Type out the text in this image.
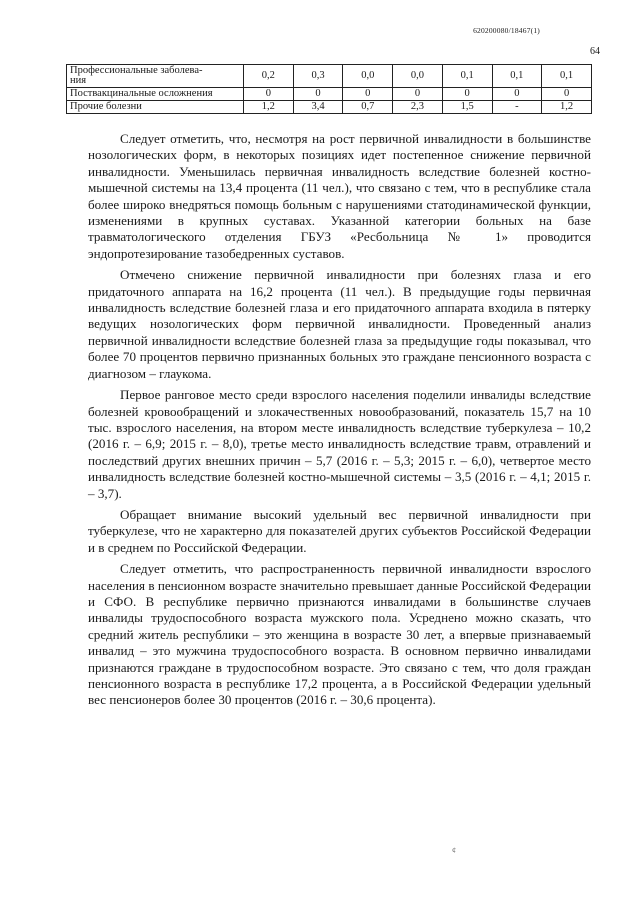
620200080/18467(1)
64
Профессиональные заболева-
ния	0,2	0,3	0,0	0,0	0,1	0,1	0,1
Поствакцинальные осложнения	0	0	0	0	0	0	0
Прочие болезни	1,2	3,4	0,7	2,3	1,5	-	1,2

Следует отметить, что, несмотря на рост первичной инвалидности в большинстве нозологических форм, в некоторых позициях идет постепенное снижение первичной инвалидности. Уменьшилась первичная инвалидность вследствие болезней костно-мышечной системы на 13,4 процента (11 чел.), что связано с тем, что в республике стала более широко внедряться помощь больным с нарушениями статодинамической функции, изменениями в крупных суставах. Указанной категории больных на базе травматологического отделения ГБУЗ «Ресбольница № 1» проводится эндопротезирование тазобедренных суставов.

Отмечено снижение первичной инвалидности при болезнях глаза и его придаточного аппарата на 16,2 процента (11 чел.). В предыдущие годы первичная инвалидность вследствие болезней глаза и его придаточного аппарата входила в пятерку ведущих нозологических форм первичной инвалидности. Проведенный анализ первичной инвалидности вследствие болезней глаза за предыдущие годы показывал, что более 70 процентов первично признанных больных это граждане пенсионного возраста с диагнозом – глаукома.

Первое ранговое место среди взрослого населения поделили инвалиды вследствие болезней кровообращений и злокачественных новообразований, показатель 15,7 на 10 тыс. взрослого населения, на втором месте инвалидность вследствие туберкулеза – 10,2 (2016 г. – 6,9; 2015 г. – 8,0), третье место инвалидность вследствие травм, отравлений и последствий других внешних причин – 5,7 (2016 г. – 5,3; 2015 г. – 6,0), четвертое место инвалидность вследствие болезней костно-мышечной системы – 3,5 (2016 г. – 4,1; 2015 г. – 3,7).

Обращает внимание высокий удельный вес первичной инвалидности при туберкулезе, что не характерно для показателей других субъектов Российской Федерации и в среднем по Российской Федерации.

Следует отметить, что распространенность первичной инвалидности взрослого населения в пенсионном возрасте значительно превышает данные Российской Федерации и СФО. В республике первично признаются инвалидами в большинстве случаев инвалиды трудоспособного возраста мужского пола. Усреднено можно сказать, что средний житель республики – это женщина в возрасте 30 лет, а впервые признаваемый инвалид – это мужчина трудоспособного возраста. В основном первично инвалидами признаются граждане в трудоспособном возрасте. Это связано с тем, что доля граждан пенсионного возраста в республике 17,2 процента, а в Российской Федерации удельный вес пенсионеров более 30 процентов (2016 г. – 30,6 процента).

¢
